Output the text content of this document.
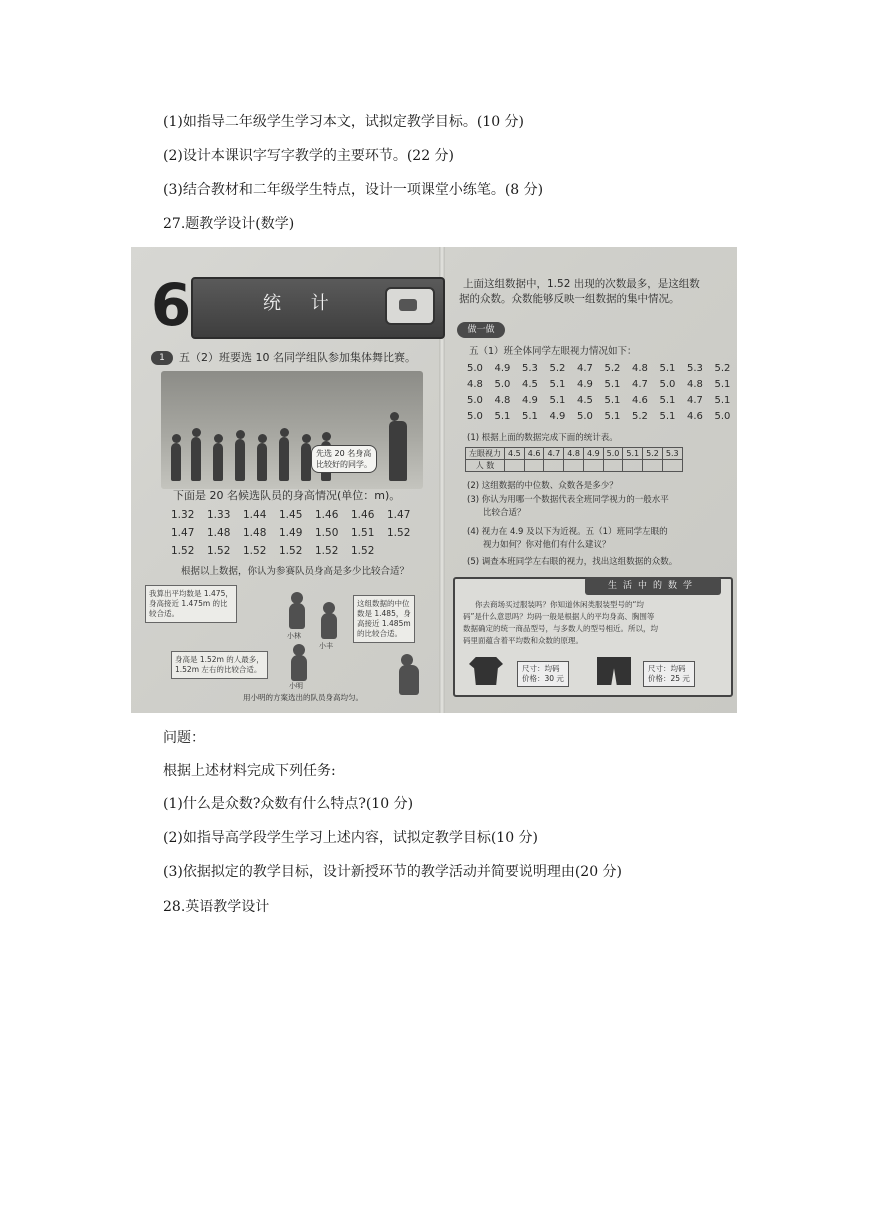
(1)如指导二年级学生学习本文，试拟定教学目标。(10 分)
(2)设计本课识字写字教学的主要环节。(22 分)
(3)结合教材和二年级学生特点，设计一项课堂小练笔。(8 分)
27.题教学设计(数学)
6	统 计
1	五（2）班要选 10 名同学组队参加集体舞比赛。
先选 20 名身高
比较好的同学。
下面是 20 名候选队员的身高情况(单位：m)。
1.32 1.33 1.44 1.45 1.46 1.46 1.47
1.47 1.48 1.48 1.49 1.50 1.51 1.52
1.52 1.52 1.52 1.52 1.52 1.52
根据以上数据，你认为参赛队员身高是多少比较合适？
我算出平均数是 1.475，
身高接近 1.475m 的比
较合适。
小林
小丰
这组数据的中位
数是 1.485，身
高接近 1.485m
的比较合适。
身高是 1.52m 的人最多，
1.52m 左右的比较合适。
小明
用小明的方案选出的队员身高均匀。
上面这组数据中，1.52 出现的次数最多，是这组数
据的众数。众数能够反映一组数据的集中情况。
做一做
五（1）班全体同学左眼视力情况如下：
5.0 4.9 5.3 5.2 4.7 5.2 4.8 5.1 5.3 5.2
4.8 5.0 4.5 5.1 4.9 5.1 4.7 5.0 4.8 5.1
5.0 4.8 4.9 5.1 4.5 5.1 4.6 5.1 4.7 5.1
5.0 5.1 5.1 4.9 5.0 5.1 5.2 5.1 4.6 5.0
(1) 根据上面的数据完成下面的统计表。
左眼视力	4.5	4.6	4.7	4.8	4.9	5.0	5.1	5.2	5.3
人 数									
(2) 这组数据的中位数、众数各是多少？
(3) 你认为用哪一个数据代表全班同学视力的一般水平
比较合适？
(4) 视力在 4.9 及以下为近视。五（1）班同学左眼的
视力如何？你对他们有什么建议？
(5) 调查本班同学左右眼的视力，找出这组数据的众数。
生活中的数学
你去商场买过服装吗？你知道休闲类服装型号的“均
码”是什么意思吗？均码一般是根据人的平均身高、胸围等
数据确定的统一商品型号，与多数人的型号相近。所以，均
码里面蕴含着平均数和众数的原理。
尺寸：均码
价格：30 元
尺寸：均码
价格：25 元
问题：
根据上述材料完成下列任务:
(1)什么是众数?众数有什么特点?(10 分)
(2)如指导高学段学生学习上述内容，试拟定教学目标(10 分)
(3)依据拟定的教学目标，设计新授环节的教学活动并简要说明理由(20 分)
28.英语教学设计
